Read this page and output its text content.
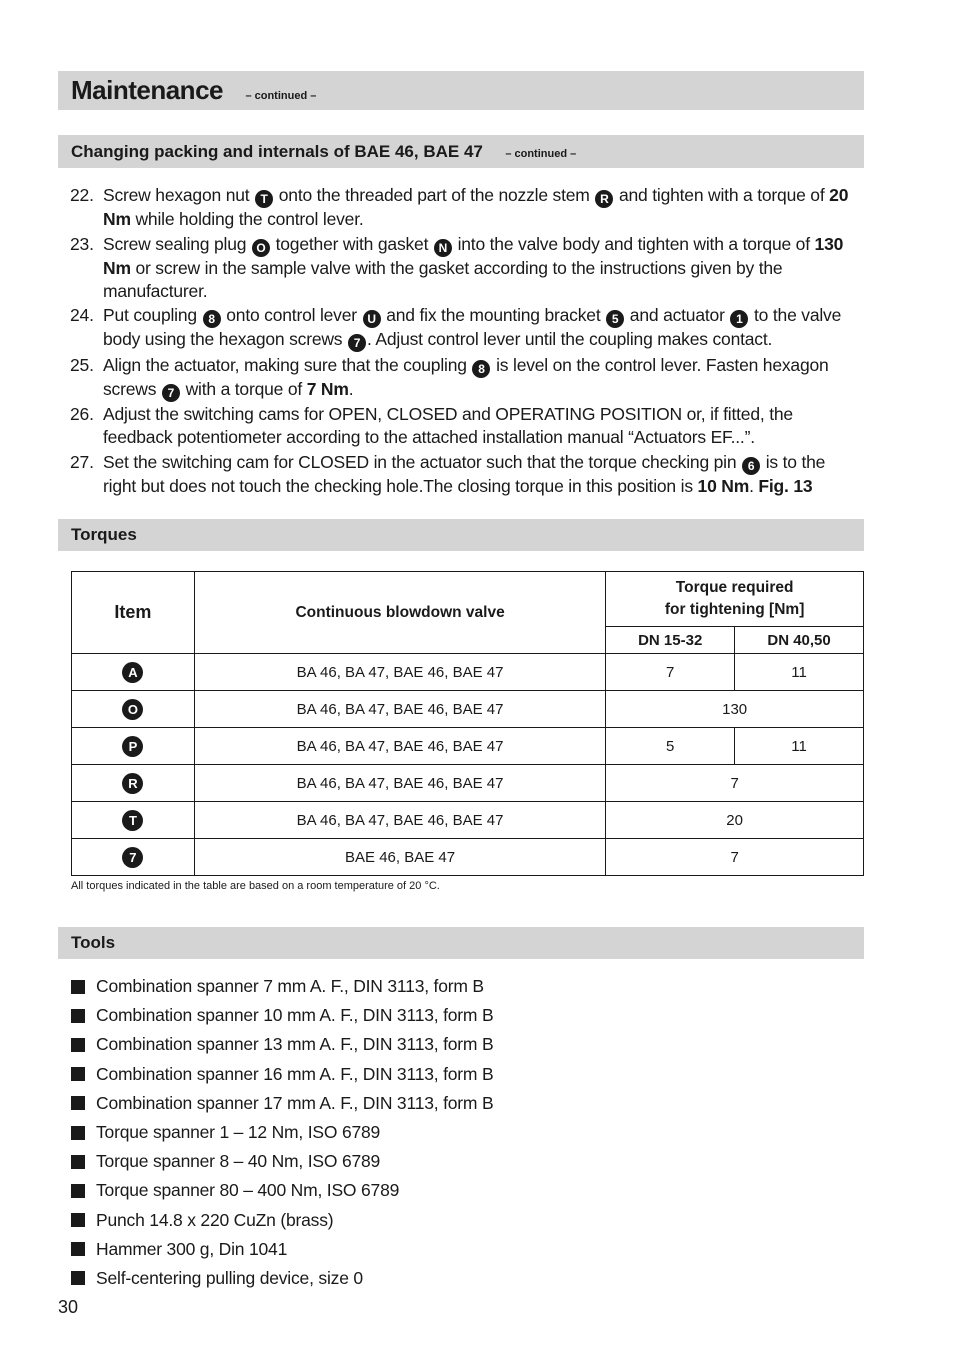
Maintenance – continued –
Changing packing and internals of BAE 46, BAE 47 – continued –
22. Screw hexagon nut T onto the threaded part of the nozzle stem R and tighten with a torque of 20 Nm while holding the control lever.
23. Screw sealing plug O together with gasket N into the valve body and tighten with a torque of 130 Nm or screw in the sample valve with the gasket according to the instructions given by the manufacturer.
24. Put coupling 8 onto control lever U and fix the mounting bracket 5 and actuator 1 to the valve body using the hexagon screws 7 . Adjust control lever until the coupling makes contact.
25. Align the actuator, making sure that the coupling 8 is level on the control lever. Fasten hexagon screws 7 with a torque of 7 Nm.
26. Adjust the switching cams for OPEN, CLOSED and OPERATING POSITION or, if fitted, the feedback potentiometer according to the attached installation manual “Actuators EF...”.
27. Set the switching cam for CLOSED in the actuator such that the torque checking pin 6 is to the right but does not touch the checking hole.The closing torque in this position is 10 Nm. Fig. 13
Torques
Item	Continuous blowdown valve	Torque required
for tightening [Nm]	
		DN 15-32	DN 40,50
A	BA 46, BA 47, BAE 46, BAE 47	7	11
O	BA 46, BA 47, BAE 46, BAE 47	130	
P	BA 46, BA 47, BAE 46, BAE 47	5	11
R	BA 46, BA 47, BAE 46, BAE 47	7	
T	BA 46, BA 47, BAE 46, BAE 47	20	
7	BAE 46, BAE 47	7	
All torques indicated in the table are based on a room temperature of 20 °C.
Tools
Combination spanner 7 mm A. F., DIN 3113, form B
Combination spanner 10 mm A. F., DIN 3113, form B
Combination spanner 13 mm A. F., DIN 3113, form B
Combination spanner 16 mm A. F., DIN 3113, form B
Combination spanner 17 mm A. F., DIN 3113, form B
Torque spanner 1 – 12 Nm, ISO 6789
Torque spanner 8 – 40 Nm, ISO 6789
Torque spanner 80 – 400 Nm, ISO 6789
Punch 14.8 x 220 CuZn (brass)
Hammer 300 g, Din 1041
Self-centering pulling device, size 0
30
